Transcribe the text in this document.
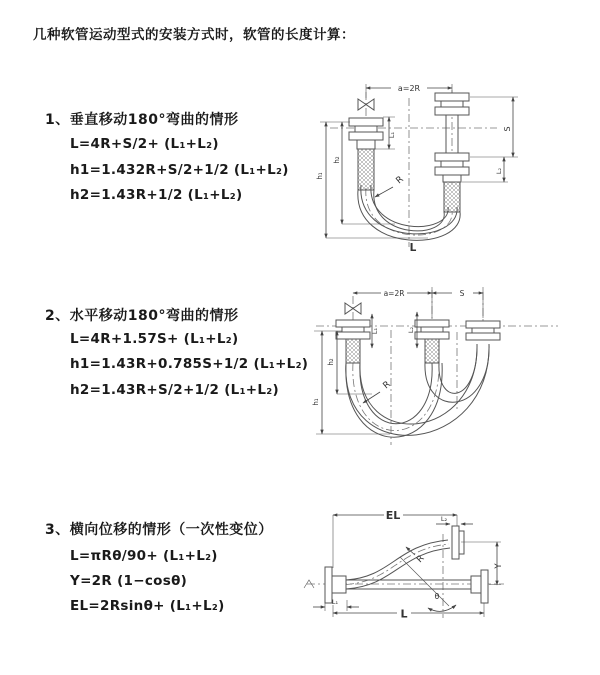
几种软管运动型式的安装方式时，软管的长度计算：
1、垂直移动180°弯曲的情形
L=4R+S/2+ (L₁+L₂)
h1=1.432R+S/2+1/2 (L₁+L₂)
h2=1.43R+1/2 (L₁+L₂)
a=2R
h₁
h₂
L₁
S
L₂
R
L
2、水平移动180°弯曲的情形
L=4R+1.57S+ (L₁+L₂)
h1=1.43R+0.785S+1/2 (L₁+L₂)
h2=1.43R+S/2+1/2 (L₁+L₂)
a=2R	S
h₂
h₁
L₁	L₂
R
3、横向位移的情形（一次性变位）
L=πRθ/90+ (L₁+L₂)
Y=2R (1−cosθ)
EL=2Rsinθ+ (L₁+L₂)
EL	L₂
Y
L
L₁
R
θ
